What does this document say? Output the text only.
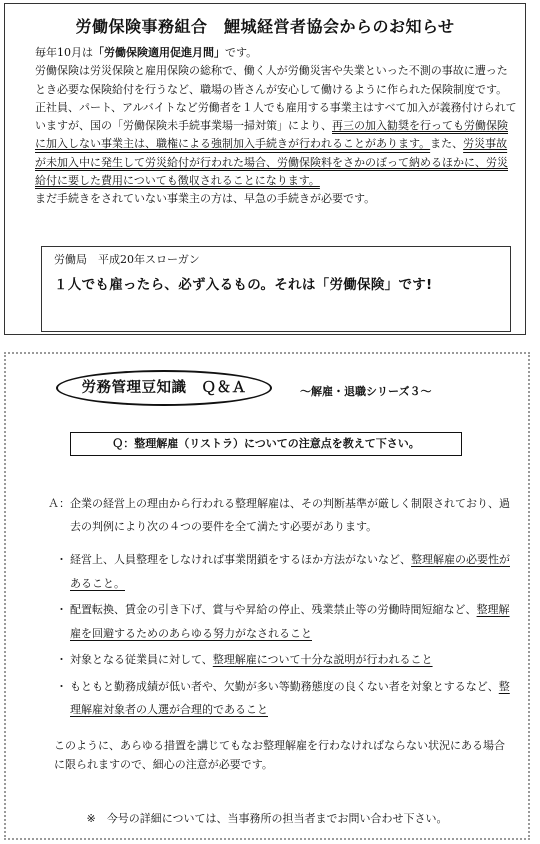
労働保険事務組合　鯉城経営者協会からのお知らせ

毎年10月は「労働保険適用促進月間」です。

労働保険は労災保険と雇用保険の総称で、働く人が労働災害や失業といった不測の事故に遭ったとき必要な保険給付を行うなど、職場の皆さんが安心して働けるように作られた保険制度です。

正社員、パート、アルバイトなど労働者を１人でも雇用する事業主はすべて加入が義務付けられていますが、国の「労働保険未手続事業場一掃対策」により、再三の加入勧奨を行っても労働保険に加入しない事業主は、職権による強制加入手続きが行われることがあります。また、労災事故が未加入中に発生して労災給付が行われた場合、労働保険料をさかのぼって納めるほかに、労災給付に要した費用についても徴収されることになります。

まだ手続きをされていない事業主の方は、早急の手続きが必要です。

労働局　平成20年スローガン
１人でも雇ったら、必ず入るもの。それは「労働保険」です!
労務管理豆知識　Ｑ＆Ａ	～解雇・退職シリーズ３～
Ｑ：整理解雇（リストラ）についての注意点を教えて下さい。
Ａ： 企業の経営上の理由から行われる整理解雇は、その判断基準が厳しく制限されており、過去の判例により次の４つの要件を全て満たす必要があります。
・ 経営上、人員整理をしなければ事業閉鎖をするほか方法がないなど、整理解雇の必要性があること。
・ 配置転換、賃金の引き下げ、賞与や昇給の停止、残業禁止等の労働時間短縮など、整理解雇を回避するためのあらゆる努力がなされること
・ 対象となる従業員に対して、整理解雇について十分な説明が行われること
・ もともと勤務成績が低い者や、欠勤が多い等勤務態度の良くない者を対象とするなど、整理解雇対象者の人選が合理的であること
このように、あらゆる措置を講じてもなお整理解雇を行わなければならない状況にある場合に限られますので、細心の注意が必要です。
※　今号の詳細については、当事務所の担当者までお問い合わせ下さい。
